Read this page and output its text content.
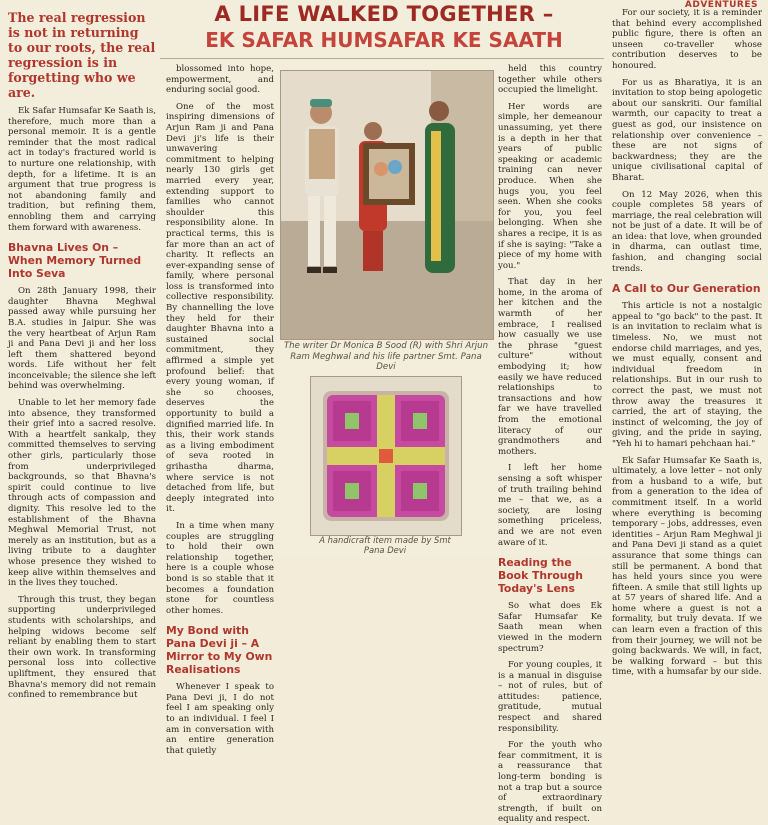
ADVENTURES
The real regression is not in returning to our roots, the real regression is in forgetting who we are.

Ek Safar Humsafar Ke Saath is, therefore, much more than a personal memoir. It is a gentle reminder that the most radical act in today's fractured world is to nurture one relationship, with depth, for a lifetime. It is an argument that true progress is not abandoning family and tradition, but refining them, ennobling them and carrying them forward with awareness.

Bhavna Lives On – When Memory Turned Into Seva

On 28th January 1998, their daughter Bhavna Meghwal passed away while pursuing her B.A. studies in Jaipur. She was the very heartbeat of Arjun Ram ji and Pana Devi ji and her loss left them shattered beyond words. Life without her felt inconceivable; the silence she left behind was overwhelming.

Unable to let her memory fade into absence, they transformed their grief into a sacred resolve. With a heartfelt sankalp, they committed themselves to serving other girls, particularly those from underprivileged backgrounds, so that Bhavna's spirit could continue to live through acts of compassion and dignity. This resolve led to the establishment of the Bhavna Meghwal Memorial Trust, not merely as an institution, but as a living tribute to a daughter whose presence they wished to keep alive within themselves and in the lives they touched.

Through this trust, they began supporting underprivileged students with scholarships, and helping widows become self reliant by enabling them to start their own work. In transforming personal loss into collective upliftment, they ensured that Bhavna's memory did not remain confined to remembrance but

A LIFE WALKED TOGETHER –
EK SAFAR HUMSAFAR KE SAATH

blossomed into hope, empowerment, and enduring social good.

One of the most inspiring dimensions of Arjun Ram ji and Pana Devi ji's life is their unwavering commitment to helping nearly 130 girls get married every year, extending support to families who cannot shoulder this responsibility alone. In practical terms, this is far more than an act of charity. It reflects an ever-expanding sense of family, where personal loss is transformed into collective responsibility. By channelling the love they held for their daughter Bhavna into a sustained social commitment, they affirmed a simple yet profound belief: that every young woman, if she so chooses, deserves the opportunity to build a dignified married life. In this, their work stands as a living embodiment of seva rooted in grihastha dharma, where service is not detached from life, but deeply integrated into it.

In a time when many couples are struggling to hold their own relationship together, here is a couple whose bond is so stable that it becomes a foundation stone for countless other homes.

My Bond with Pana Devi ji – A Mirror to My Own Realisations

Whenever I speak to Pana Devi ji, I do not feel I am speaking only to an individual. I feel I am in conversation with an entire generation that quietly

The writer Dr Monica B Sood (R) with Shri Arjun Ram Meghwal and his life partner Smt. Pana Devi
A handicraft item made by Smt Pana Devi

held this country together while others occupied the limelight.

Her words are simple, her demeanour unassuming, yet there is a depth in her that years of public speaking or academic training can never produce. When she hugs you, you feel seen. When she cooks for you, you feel belonging. When she shares a recipe, it is as if she is saying: "Take a piece of my home with you."

That day in her home, in the aroma of her kitchen and the warmth of her embrace, I realised how casually we use the phrase "guest culture" without embodying it; how easily we have reduced relationships to transactions and how far we have travelled from the emotional literacy of our grandmothers and mothers.

I left her home sensing a soft whisper of truth trailing behind me – that we, as a society, are losing something priceless, and we are not even aware of it.

Reading the Book Through Today's Lens

So what does Ek Safar Humsafar Ke Saath mean when viewed in the modern spectrum?

For young couples, it is a manual in disguise – not of rules, but of attitudes: patience, gratitude, mutual respect and shared responsibility.

For the youth who fear commitment, it is a reassurance that long-term bonding is not a trap but a source of extraordinary strength, if built on equality and respect.

For our society, it is a reminder that behind every accomplished public figure, there is often an unseen co-traveller whose contribution deserves to be honoured.

For us as Bharatiya, it is an invitation to stop being apologetic about our sanskriti. Our familial warmth, our capacity to treat a guest as god, our insistence on relationship over convenience – these are not signs of backwardness; they are the unique civilisational capital of Bharat.

On 12 May 2026, when this couple completes 58 years of marriage, the real celebration will not be just of a date. It will be of an idea: that love, when grounded in dharma, can outlast time, fashion, and changing social trends.

A Call to Our Generation

This article is not a nostalgic appeal to "go back" to the past. It is an invitation to reclaim what is timeless. No, we must not endorse child marriages, and yes, we must equally, consent and individual freedom in relationships. But in our rush to correct the past, we must not throw away the treasures it carried, the art of staying, the instinct of welcoming, the joy of giving, and the pride in saying, "Yeh hi to hamari pehchaan hai."

Ek Safar Humsafar Ke Saath is, ultimately, a love letter – not only from a husband to a wife, but from a generation to the idea of commitment itself. In a world where everything is becoming temporary – jobs, addresses, even identities – Arjun Ram Meghwal ji and Pana Devi ji stand as a quiet assurance that some things can still be permanent. A bond that has held yours since you were fifteen. A smile that still lights up at 57 years of shared life. And a home where a guest is not a formality, but truly devata. If we can learn even a fraction of this from their journey, we will not be going backwards. We will, in fact, be walking forward – but this time, with a humsafar by our side.
